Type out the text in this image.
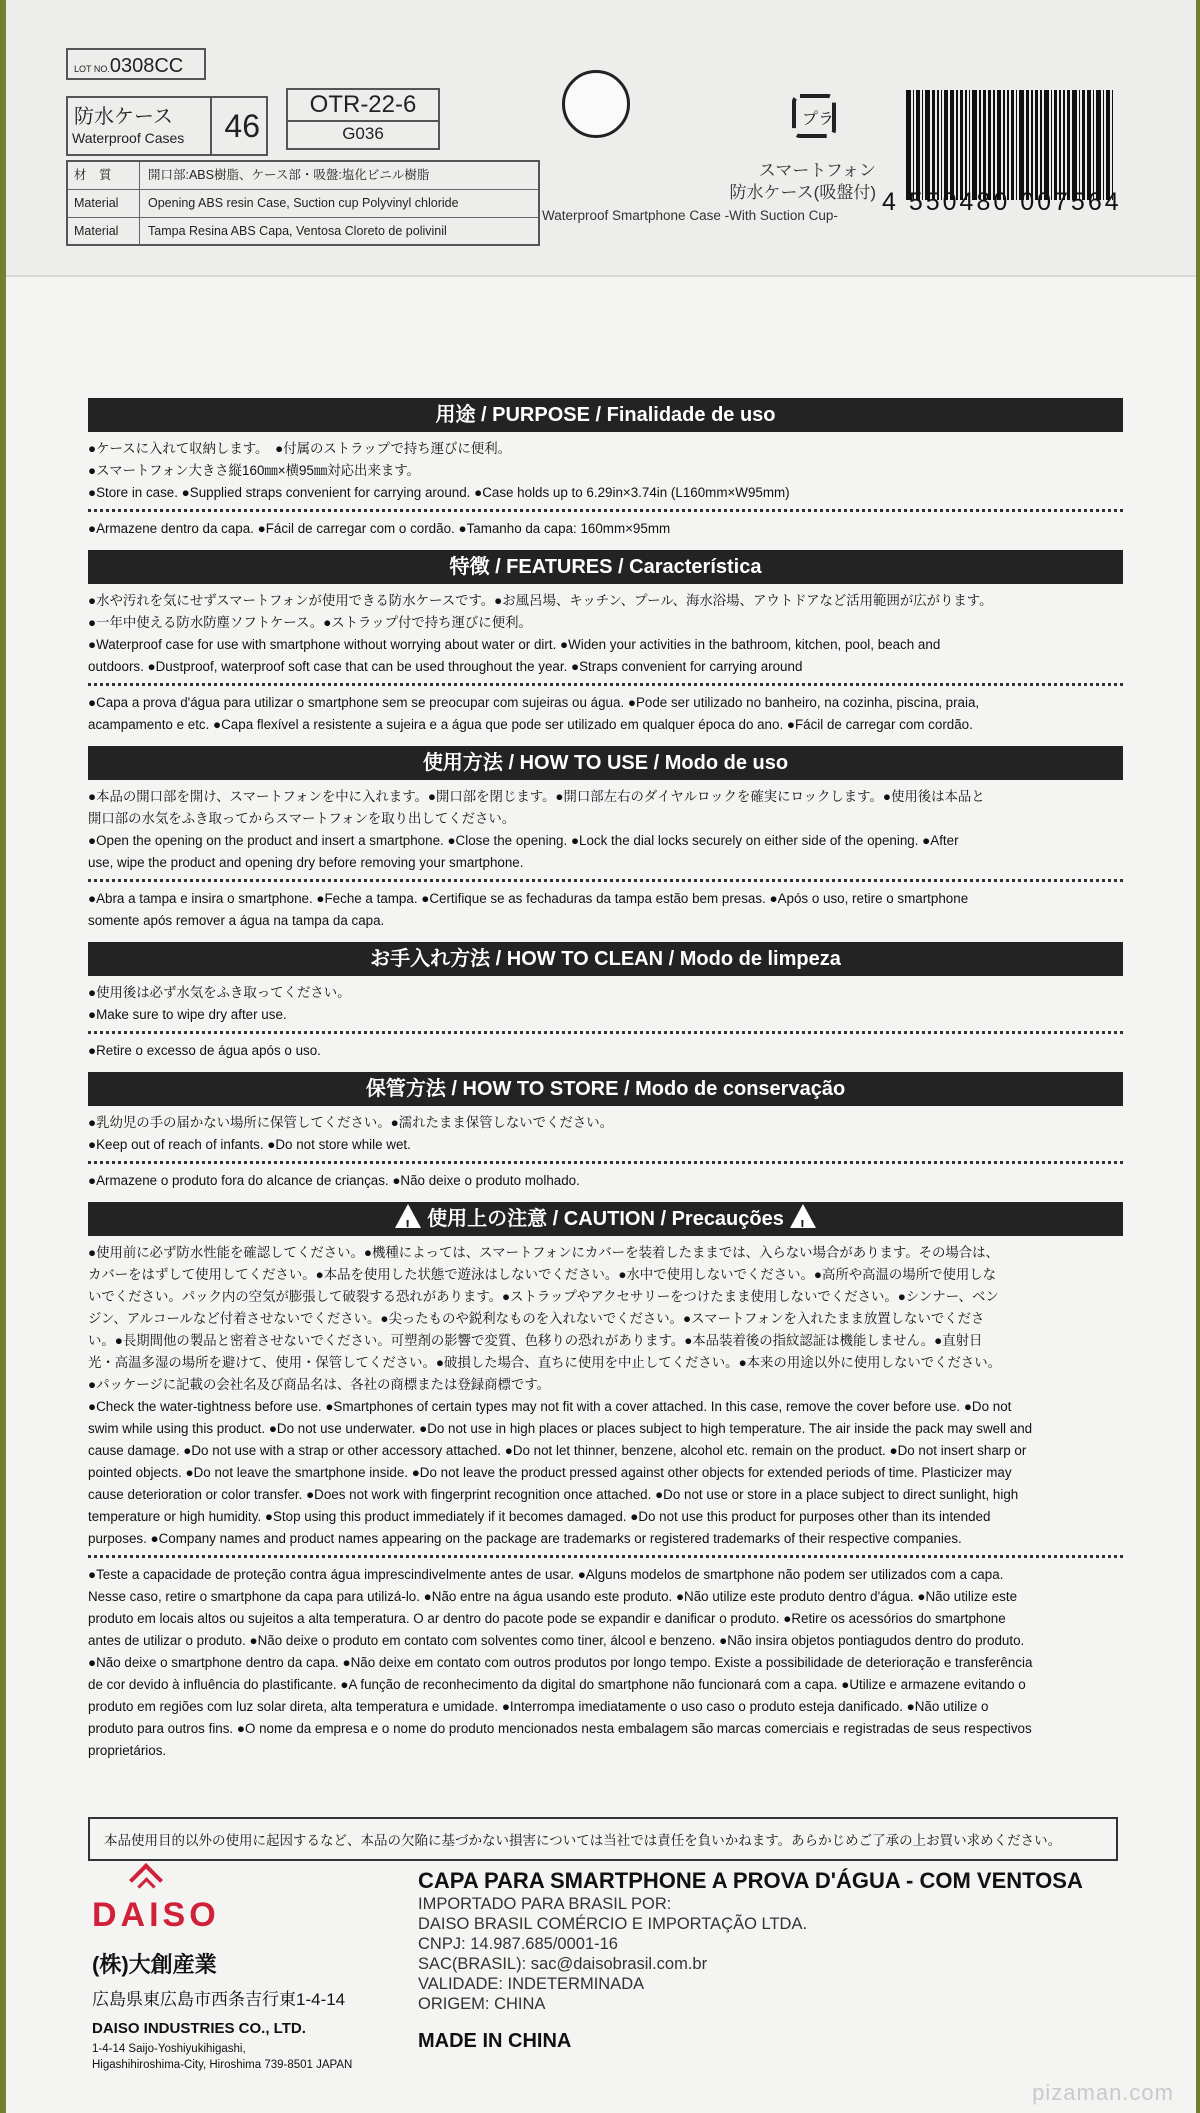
LOT NO.0308CC
防水ケース
Waterproof Cases 46
OTR-22-6
G036
材　質	開口部:ABS樹脂、ケース部・吸盤:塩化ビニル樹脂
Material	Opening ABS resin Case, Suction cup Polyvinyl chloride
Material	Tampa Resina ABS Capa, Ventosa Cloreto de polivinil
プラ
スマートフォン
防水ケース(吸盤付)
Waterproof Smartphone Case -With Suction Cup- 4 550480 007564
用途 / PURPOSE / Finalidade de uso

●ケースに入れて収納します。　●付属のストラップで持ち運びに便利。

●スマートフォン大きさ縦160㎜×横95㎜対応出来ます。

●Store in case. ●Supplied straps convenient for carrying around. ●Case holds up to 6.29in×3.74in (L160mm×W95mm)

●Armazene dentro da capa. ●Fácil de carregar com o cordão. ●Tamanho da capa: 160mm×95mm

特徴 / FEATURES / Característica

●水や汚れを気にせずスマートフォンが使用できる防水ケースです。●お風呂場、キッチン、プール、海水浴場、アウトドアなど活用範囲が広がります。

●一年中使える防水防塵ソフトケース。●ストラップ付で持ち運びに便利。

●Waterproof case for use with smartphone without worrying about water or dirt. ●Widen your activities in the bathroom, kitchen, pool, beach and

outdoors. ●Dustproof, waterproof soft case that can be used throughout the year. ●Straps convenient for carrying around

●Capa a prova d'água para utilizar o smartphone sem se preocupar com sujeiras ou água. ●Pode ser utilizado no banheiro, na cozinha, piscina, praia,

acampamento e etc. ●Capa flexível a resistente a sujeira e a água que pode ser utilizado em qualquer época do ano. ●Fácil de carregar com cordão.

使用方法 / HOW TO USE / Modo de uso

●本品の開口部を開け、スマートフォンを中に入れます。●開口部を閉じます。●開口部左右のダイヤルロックを確実にロックします。●使用後は本品と

開口部の水気をふき取ってからスマートフォンを取り出してください。

●Open the opening on the product and insert a smartphone. ●Close the opening. ●Lock the dial locks securely on either side of the opening. ●After

use, wipe the product and opening dry before removing your smartphone.

●Abra a tampa e insira o smartphone. ●Feche a tampa. ●Certifique se as fechaduras da tampa estão bem presas. ●Após o uso, retire o smartphone

somente após remover a água na tampa da capa.

お手入れ方法 / HOW TO CLEAN / Modo de limpeza

●使用後は必ず水気をふき取ってください。

●Make sure to wipe dry after use.

●Retire o excesso de água após o uso.

保管方法 / HOW TO STORE / Modo de conservação

●乳幼児の手の届かない場所に保管してください。●濡れたまま保管しないでください。

●Keep out of reach of infants. ●Do not store while wet.

●Armazene o produto fora do alcance de crianças. ●Não deixe o produto molhado.

! 使用上の注意 / CAUTION / Precauções !

●使用前に必ず防水性能を確認してください。●機種によっては、スマートフォンにカバーを装着したままでは、入らない場合があります。その場合は、

カバーをはずして使用してください。●本品を使用した状態で遊泳はしないでください。●水中で使用しないでください。●高所や高温の場所で使用しな

いでください。パック内の空気が膨張して破裂する恐れがあります。●ストラップやアクセサリーをつけたまま使用しないでください。●シンナー、ベン

ジン、アルコールなど付着させないでください。●尖ったものや鋭利なものを入れないでください。●スマートフォンを入れたまま放置しないでくださ

い。●長期間他の製品と密着させないでください。可塑剤の影響で変質、色移りの恐れがあります。●本品装着後の指紋認証は機能しません。●直射日

光・高温多湿の場所を避けて、使用・保管してください。●破損した場合、直ちに使用を中止してください。●本来の用途以外に使用しないでください。

●パッケージに記載の会社名及び商品名は、各社の商標または登録商標です。

●Check the water-tightness before use. ●Smartphones of certain types may not fit with a cover attached. In this case, remove the cover before use. ●Do not

swim while using this product. ●Do not use underwater. ●Do not use in high places or places subject to high temperature. The air inside the pack may swell and

cause damage. ●Do not use with a strap or other accessory attached. ●Do not let thinner, benzene, alcohol etc. remain on the product. ●Do not insert sharp or

pointed objects. ●Do not leave the smartphone inside. ●Do not leave the product pressed against other objects for extended periods of time. Plasticizer may

cause deterioration or color transfer. ●Does not work with fingerprint recognition once attached. ●Do not use or store in a place subject to direct sunlight, high

temperature or high humidity. ●Stop using this product immediately if it becomes damaged. ●Do not use this product for purposes other than its intended

purposes. ●Company names and product names appearing on the package are trademarks or registered trademarks of their respective companies.

●Teste a capacidade de proteção contra água imprescindivelmente antes de usar. ●Alguns modelos de smartphone não podem ser utilizados com a capa.

Nesse caso, retire o smartphone da capa para utilizá-lo. ●Não entre na água usando este produto. ●Não utilize este produto dentro d'água. ●Não utilize este

produto em locais altos ou sujeitos a alta temperatura. O ar dentro do pacote pode se expandir e danificar o produto. ●Retire os acessórios do smartphone

antes de utilizar o produto. ●Não deixe o produto em contato com solventes como tiner, álcool e benzeno. ●Não insira objetos pontiagudos dentro do produto.

●Não deixe o smartphone dentro da capa. ●Não deixe em contato com outros produtos por longo tempo. Existe a possibilidade de deterioração e transferência

de cor devido à influência do plastificante. ●A função de reconhecimento da digital do smartphone não funcionará com a capa. ●Utilize e armazene evitando o

produto em regiões com luz solar direta, alta temperatura e umidade. ●Interrompa imediatamente o uso caso o produto esteja danificado. ●Não utilize o

produto para outros fins. ●O nome da empresa e o nome do produto mencionados nesta embalagem são marcas comerciais e registradas de seus respectivos

proprietários.

本品使用目的以外の使用に起因するなど、本品の欠陥に基づかない損害については当社では責任を負いかねます。あらかじめご了承の上お買い求めください。
DAISO
(株)大創産業
広島県東広島市西条吉行東1-4-14
DAISO INDUSTRIES CO., LTD.
1-4-14 Saijo-Yoshiyukihigashi,
Higashihiroshima-City, Hiroshima 739-8501 JAPAN
CAPA PARA SMARTPHONE A PROVA D'ÁGUA - COM VENTOSA
IMPORTADO PARA BRASIL POR:
DAISO BRASIL COMÉRCIO E IMPORTAÇÃO LTDA.
CNPJ: 14.987.685/0001-16
SAC(BRASIL): sac@daisobrasil.com.br
VALIDADE: INDETERMINADA
ORIGEM: CHINA
MADE IN CHINA
pizaman.com
